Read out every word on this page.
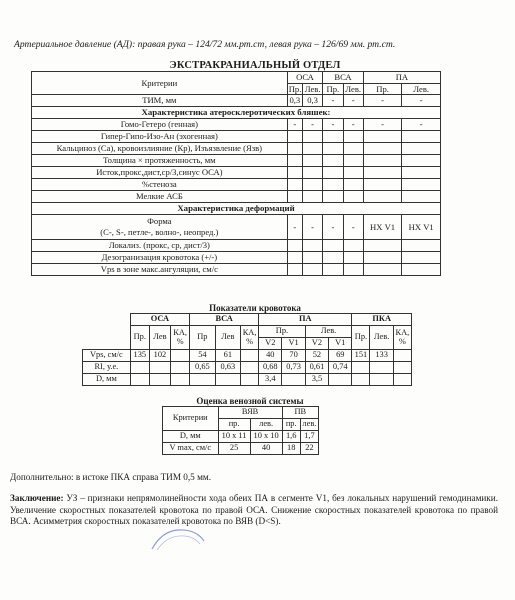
Артериальное давление (АД): правая рука – 124/72 мм.рт.ст, левая рука – 126/69 мм. рт.ст.
ЭКСТРАКРАНИАЛЬНЫЙ ОТДЕЛ
Критерии	ОСА		ВСА		ПА	
	Пр.	Лев.	Пр.	Лев.	Пр.	Лев.
ТИМ, мм	0,3	0,3	-	-	-	-
Характеристика атеросклеротических бляшек:						
Гомо-Гетеро (генная)	-	-	-	-	-	-
Гипер-Гипо-Изо-Ан (эхогенная)						
Кальциноз (Са), кровоизлияние (Кр), Изъязвление (Язв)						
Толщина × протяженность, мм						
Исток,прокс,дист,ср/3,синус ОСА)						
%стеноза						
Мелкие АСБ						
Характеристика деформаций						

Форма
(С-, S-, петле-, волно-, неопред.)	-	-	-	-	НХ V1	НХ V1
Локализ. (прокс, ср, дист/3)						
Дезогранизация кровотока (+/-)						
Vps в зоне макс.ангуляции, см/с						
Показатели кровотока
	ОСА			ВСА			ПА				ПКА		
	Пр.	Лев	КА, %	Пр	Лев	КА, %	Пр.		Лев.		Пр.	Лев.	КА, %
							V2	V1	V2	V1			
Vps, см/с	135	102		54	61		40	70	52	69	151	133	
RI, у.е.				0,65	0,63		0,68	0,73	0,61	0,74			
D, мм							3,4		3,5				
Оценка венозной системы
Критерии	ВЯВ		ПВ	
	пр.	лев.	пр.	лев.
D, мм	10 х 11	10 х 10	1,6	1,7
V max, см/с	25	40	18	22
Дополнительно: в истоке ПКА справа ТИМ 0,5 мм.
Заключение: УЗ – признаки непрямолинейности хода обеих ПА в сегменте V1, без локальных нарушений гемодинамики. Увеличение скоростных показателей кровотока по правой ОСА. Снижение скоростных показателей кровотока по правой ВСА. Асимметрия скоростных показателей кровотока по ВЯВ (D<S).
